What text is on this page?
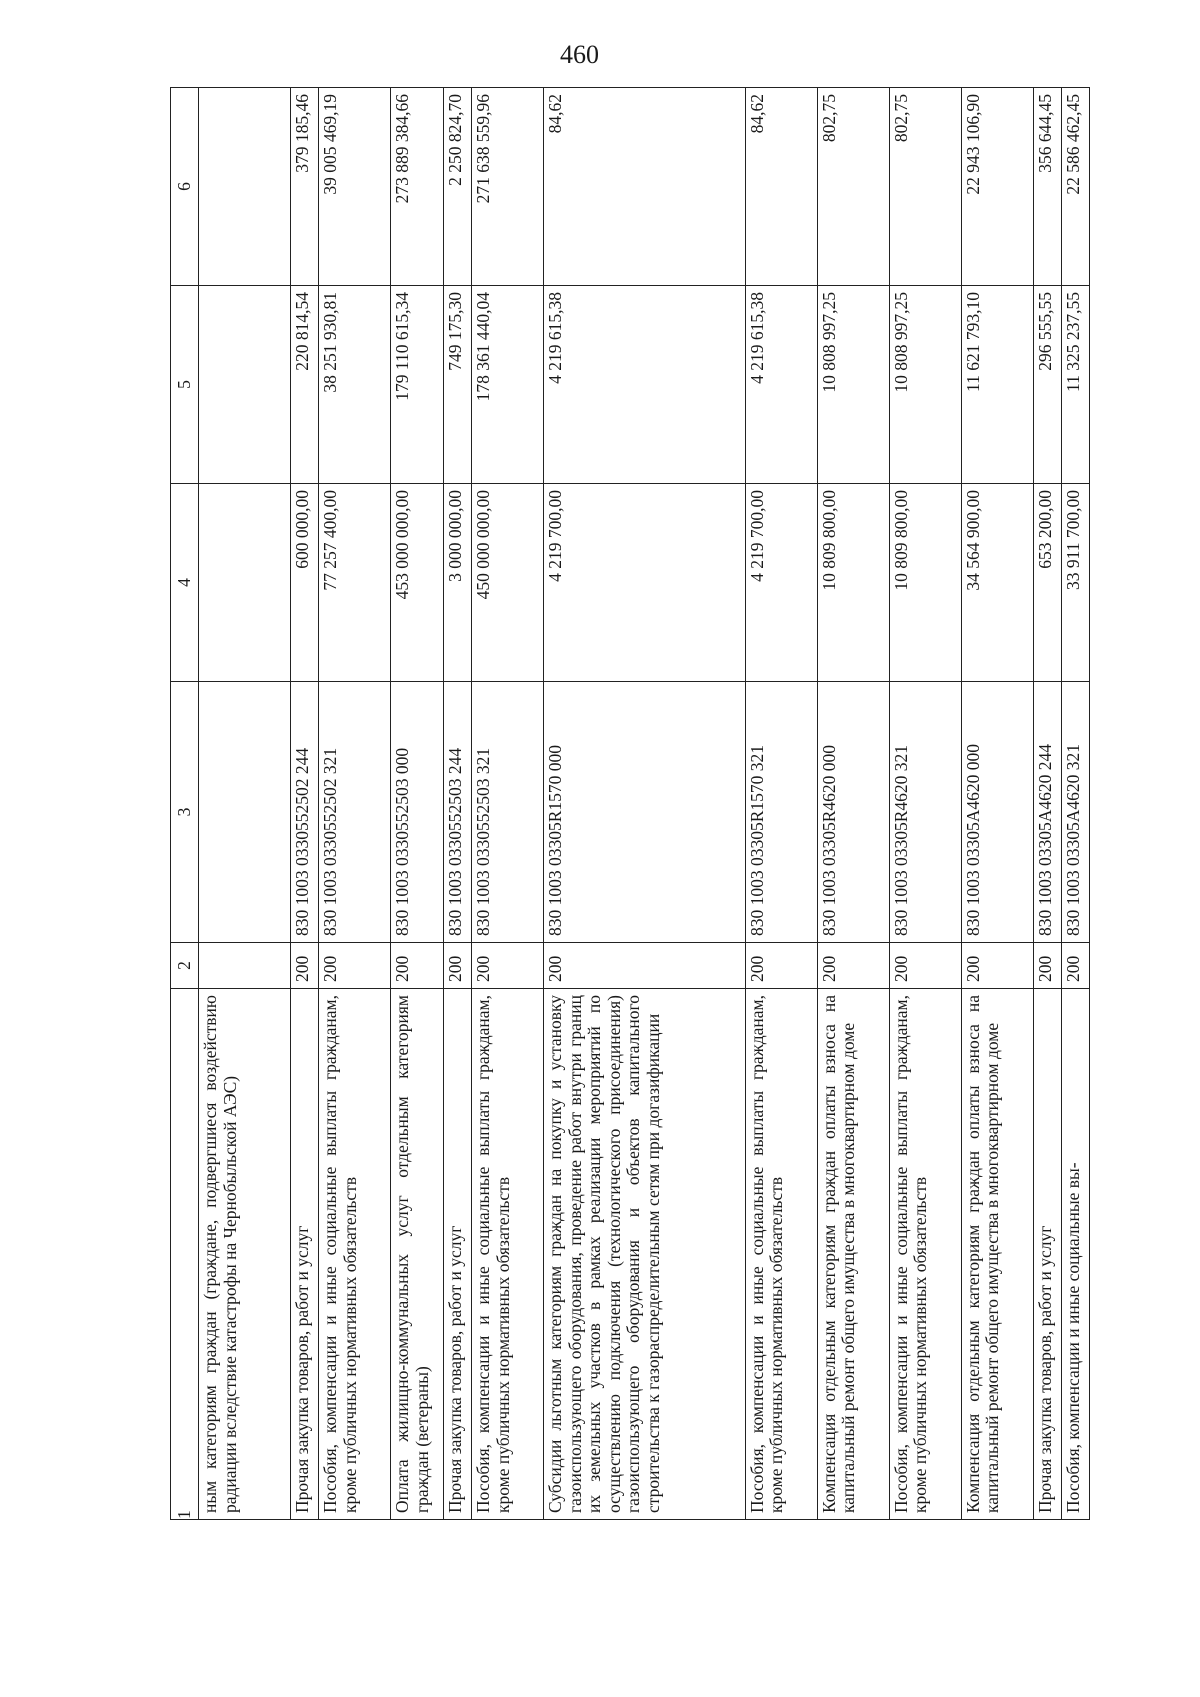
460
1	2	3	4	5	6
ным категориям граждан (граждане, подвергшиеся воздействию радиации вследствие катастрофы на Чернобыльской АЭС)					
Прочая закупка товаров, работ и услуг	200	830 1003 0330552502 244	600 000,00	220 814,54	379 185,46
Пособия, компенсации и иные социальные выплаты гражданам, кроме публичных нормативных обязательств	200	830 1003 0330552502 321	77 257 400,00	38 251 930,81	39 005 469,19
Оплата жилищно-коммунальных услуг отдельным категориям граждан (ветераны)	200	830 1003 0330552503 000	453 000 000,00	179 110 615,34	273 889 384,66
Прочая закупка товаров, работ и услуг	200	830 1003 0330552503 244	3 000 000,00	749 175,30	2 250 824,70
Пособия, компенсации и иные социальные выплаты гражданам, кроме публичных нормативных обязательств	200	830 1003 0330552503 321	450 000 000,00	178 361 440,04	271 638 559,96
Субсидии льготным категориям граждан на покупку и установку газоиспользующего оборудования, проведение работ внутри границ их земельных участков в рамках реализации мероприятий по осуществлению подключения (технологического присоединения) газоиспользующего оборудования и объектов капитального строительства к газораспределительным сетям при догазификации	200	830 1003 03305R1570 000	4 219 700,00	4 219 615,38	84,62
Пособия, компенсации и иные социальные выплаты гражданам, кроме публичных нормативных обязательств	200	830 1003 03305R1570 321	4 219 700,00	4 219 615,38	84,62
Компенсация отдельным категориям граждан оплаты взноса на капитальный ремонт общего имущества в многоквартирном доме	200	830 1003 03305R4620 000	10 809 800,00	10 808 997,25	802,75
Пособия, компенсации и иные социальные выплаты гражданам, кроме публичных нормативных обязательств	200	830 1003 03305R4620 321	10 809 800,00	10 808 997,25	802,75
Компенсация отдельным категориям граждан оплаты взноса на капитальный ремонт общего имущества в многоквартирном доме	200	830 1003 03305A4620 000	34 564 900,00	11 621 793,10	22 943 106,90
Прочая закупка товаров, работ и услуг	200	830 1003 03305A4620 244	653 200,00	296 555,55	356 644,45
Пособия, компенсации и иные социальные вы-	200	830 1003 03305A4620 321	33 911 700,00	11 325 237,55	22 586 462,45
